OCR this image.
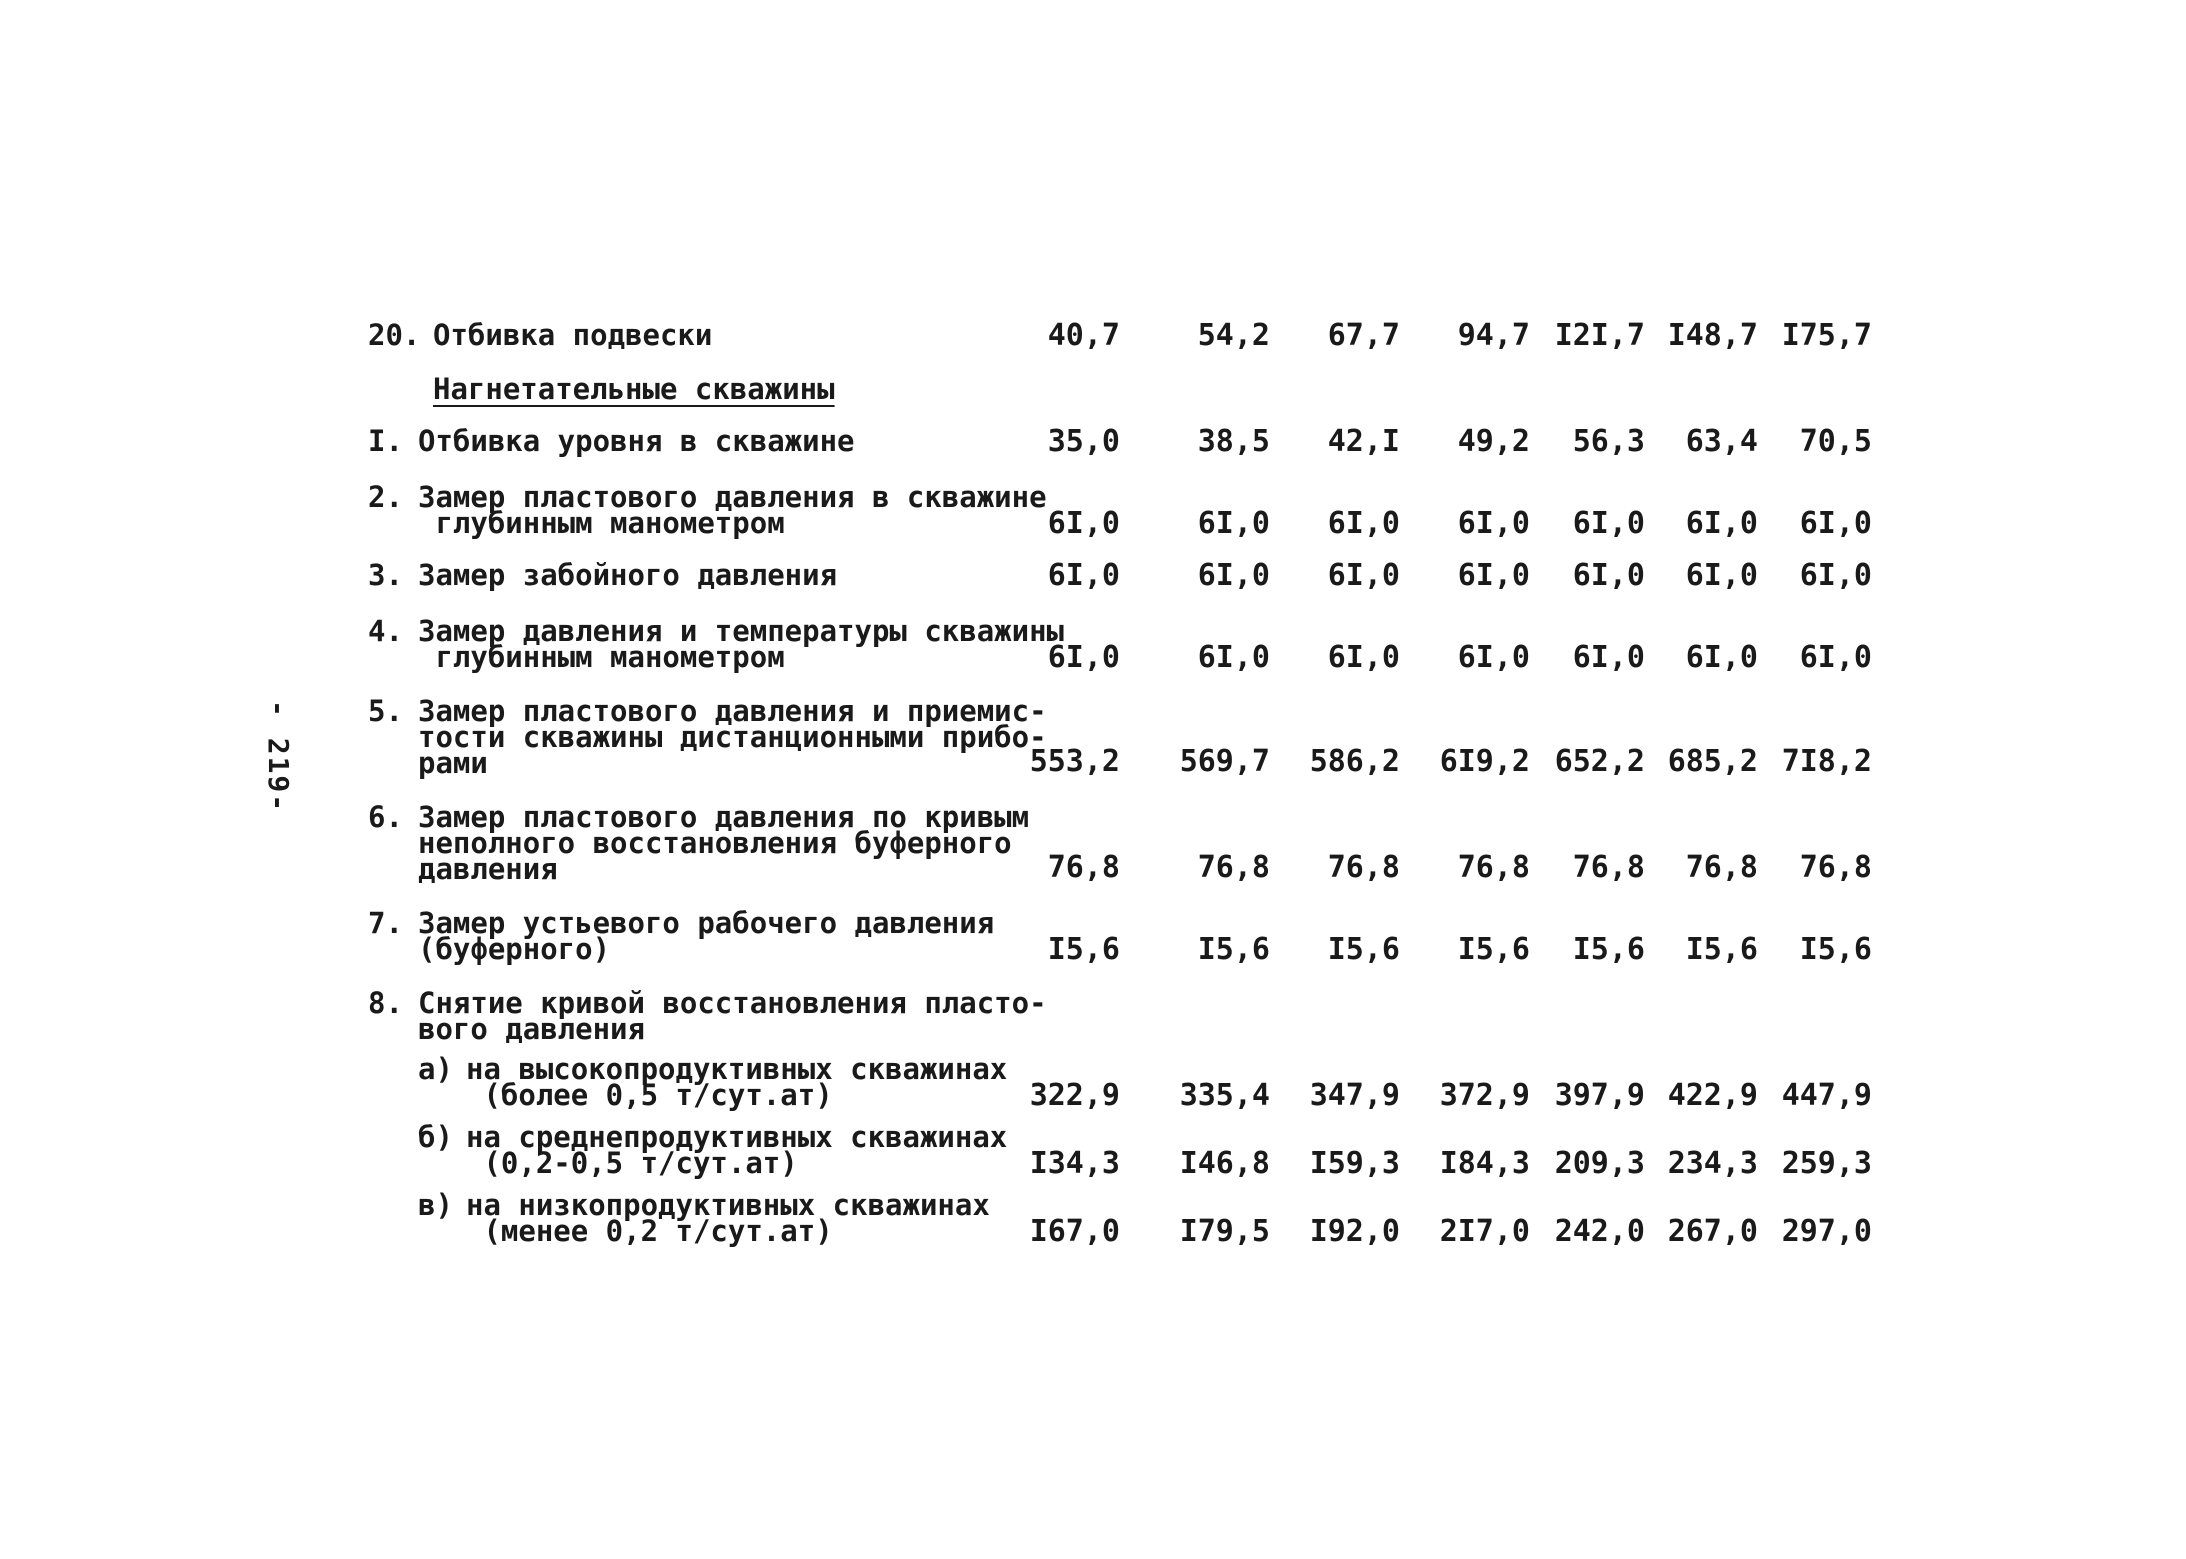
- 219-
20. Отбивка подвески	40,7	54,2	67,7	94,7 I2I,7 I48,7 I75,7
Нагнетательные скважины
I. Отбивка уровня в скважине	35,0	38,5	42,I	49,2	56,3	63,4	70,5
2. Замер пластового давления в скважине
глубинным манометром	6I,0	6I,0	6I,0	6I,0	6I,0	6I,0	6I,0
3. Замер забойного давления	6I,0	6I,0	6I,0	6I,0	6I,0	6I,0	6I,0
4. Замер давления и температуры скважины
глубинным манометром	6I,0	6I,0	6I,0	6I,0	6I,0	6I,0	6I,0
5. Замер пластового давления и приемис-
тости скважины дистанционными прибо-
рами	553,2	569,7	586,2	6I9,2 652,2 685,2 7I8,2
6. Замер пластового давления по кривым
неполного восстановления буферного
давления	76,8	76,8	76,8	76,8	76,8	76,8	76,8
7. Замер устьевого рабочего давления
(буферного)	I5,6	I5,6	I5,6	I5,6	I5,6	I5,6	I5,6
8. Снятие кривой восстановления пласто-
вого давления
а) на высокопродуктивных скважинах
(более 0,5 т/сут.ат)	322,9	335,4	347,9	372,9 397,9 422,9 447,9
б) на среднепродуктивных скважинах
(0,2-0,5 т/сут.ат)	I34,3	I46,8	I59,3	I84,3 209,3 234,3 259,3
в) на низкопродуктивных скважинах
(менее 0,2 т/сут.ат)	I67,0	I79,5	I92,0	2I7,0 242,0 267,0 297,0
